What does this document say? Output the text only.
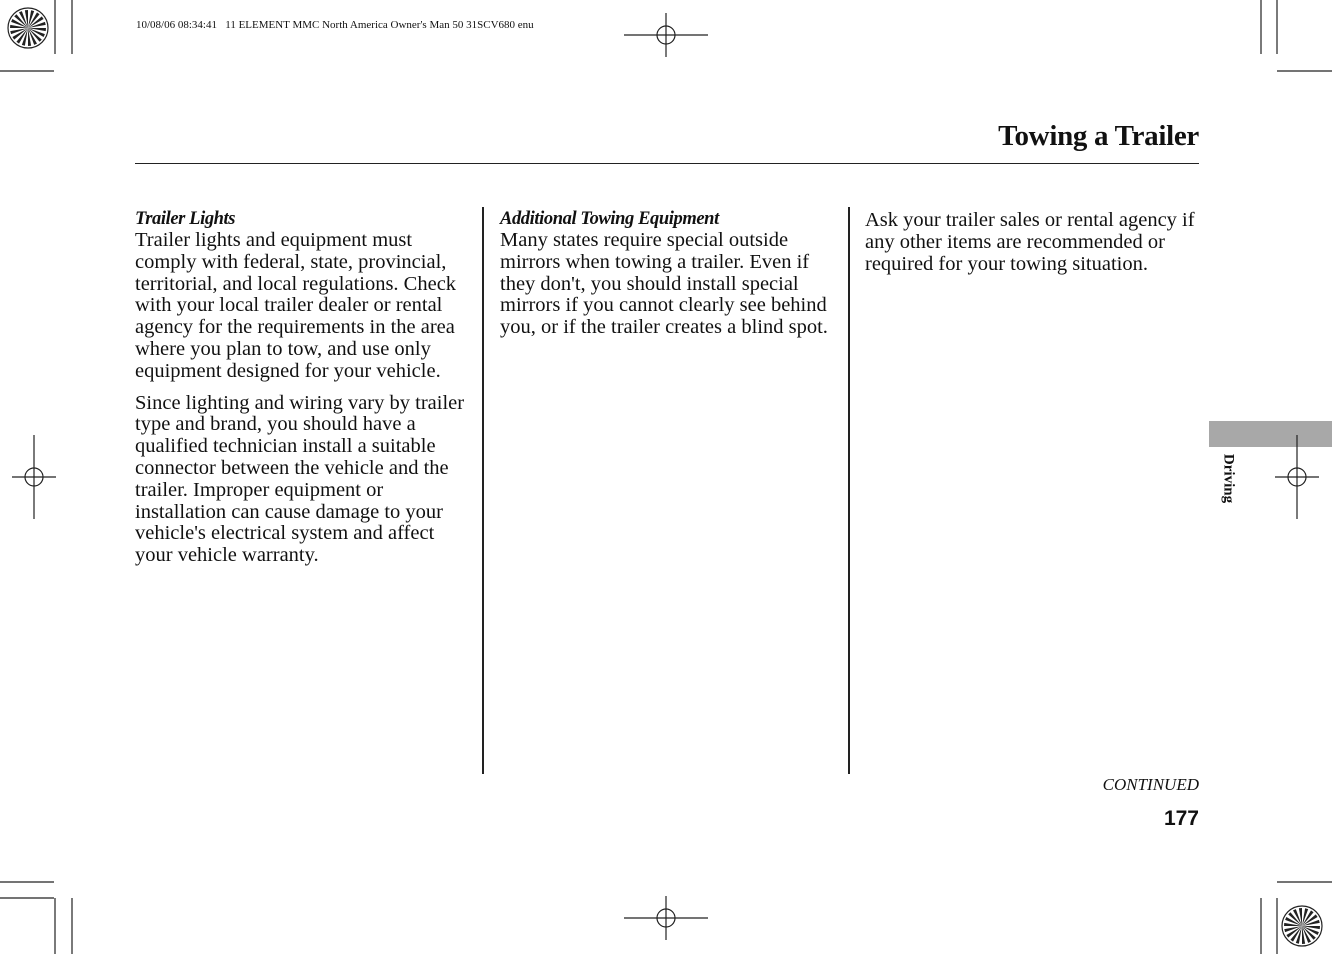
10/08/06 08:34:41   11 ELEMENT MMC North America Owner's Man 50 31SCV680 enu
Towing a Trailer
Trailer Lights

Trailer lights and equipment must comply with federal, state, provincial, territorial, and local regulations. Check with your local trailer dealer or rental agency for the requirements in the area where you plan to tow, and use only equipment designed for your vehicle.

Since lighting and wiring vary by trailer type and brand, you should have a qualified technician install a suitable connector between the vehicle and the trailer. Improper equipment or installation can cause damage to your vehicle's electrical system and affect your vehicle warranty.

Additional Towing Equipment

Many states require special outside mirrors when towing a trailer. Even if they don't, you should install special mirrors if you cannot clearly see behind you, or if the trailer creates a blind spot.

Ask your trailer sales or rental agency if any other items are recommended or required for your towing situation.

CONTINUED
177
Driving
